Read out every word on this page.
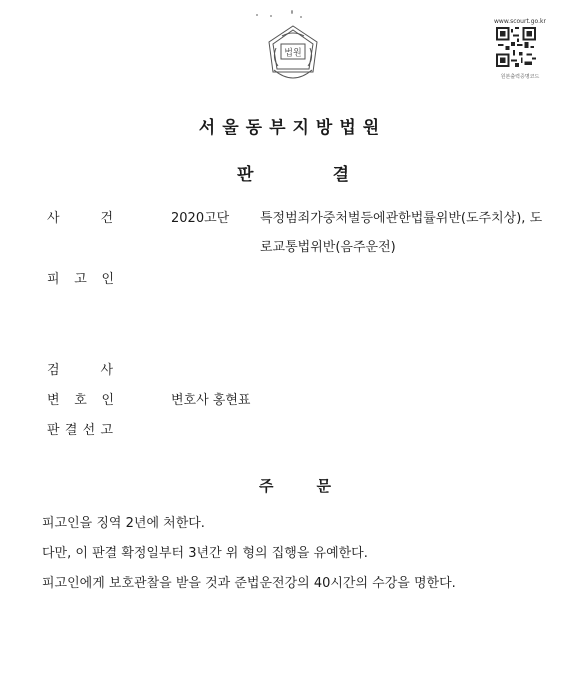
법원
www.scourt.go.kr
원본출력증명코드
서울동부지방법원
판	결
사	건	2020고단 특정범죄가중처벌등에관한법률위반(도주치상), 도
로교통법위반(음주운전)
피 고 인
검	사
변 호 인	변호사 홍현표
판 결 선 고
주	문
피고인을 징역 2년에 처한다.
다만, 이 판결 확정일부터 3년간 위 형의 집행을 유예한다.
피고인에게 보호관찰을 받을 것과 준법운전강의 40시간의 수강을 명한다.
